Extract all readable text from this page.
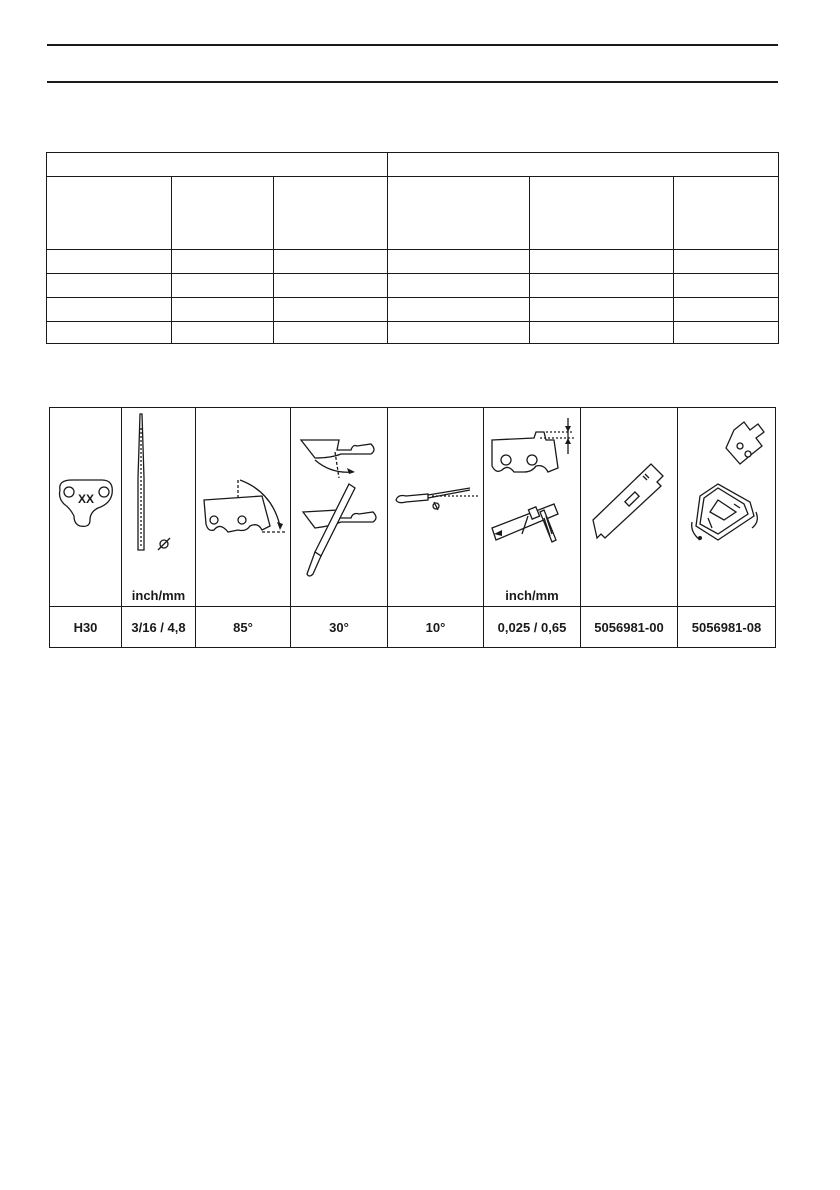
XX	inch/mm				inch/mm

H30	3/16 / 4,8	85°	30°	10°	0,025 / 0,65	5056981-00	5056981-08
